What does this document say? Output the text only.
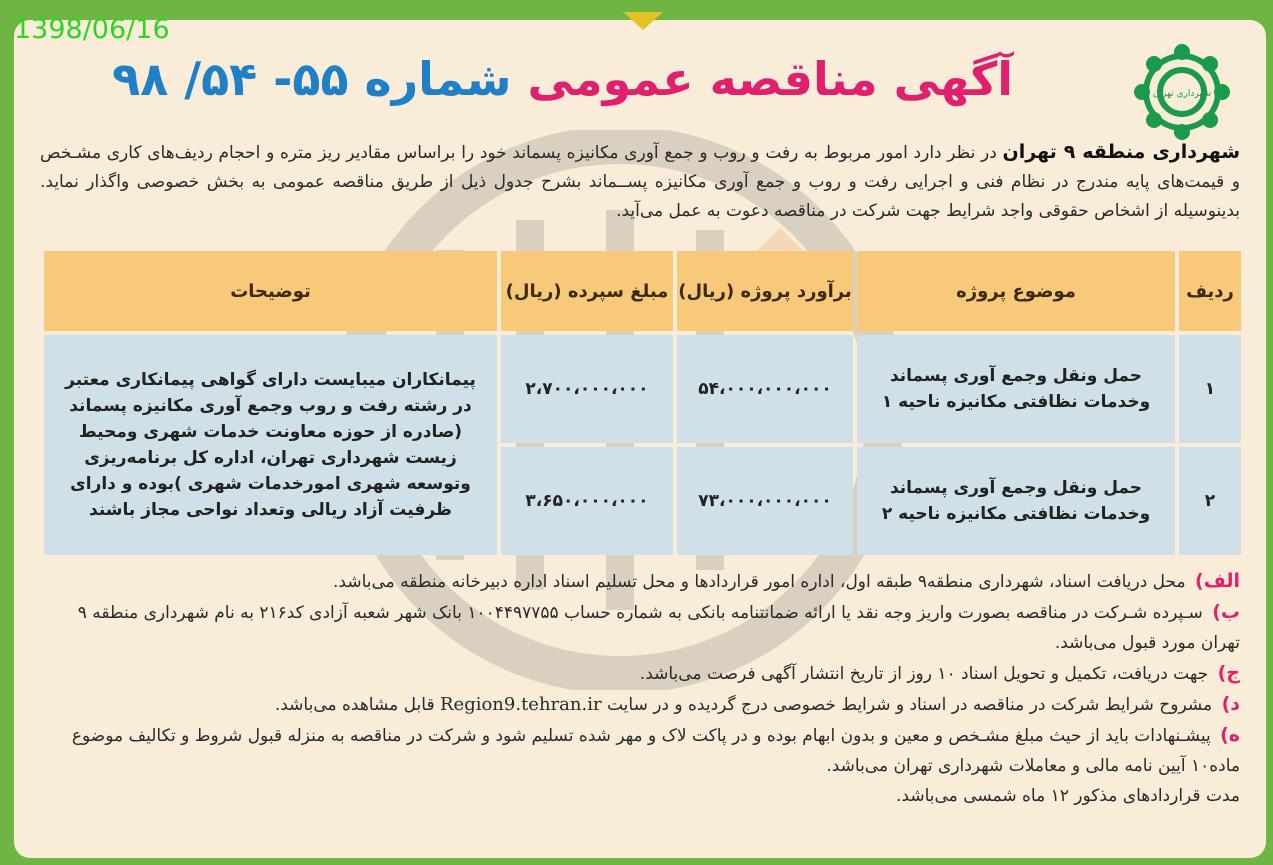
1398/06/16
شهرداری تهران
آگهی مناقصه عمومی شماره ۵۵- ۵۴/ ۹۸
شهرداری منطقه ۹ تهران در نظر دارد امور مربوط به رفت و روب و جمع آوری مکانیزه پسماند خود را براساس مقادیر ریز متره و احجام ردیف‌های کاری مشـخص و قیمت‌های پایه مندرج در نظام فنی و اجرایی رفت و روب و جمع آوری مکانیزه پســماند بشرح جدول ذیل از طریق مناقصه عمومی به بخش خصوصی واگذار نماید. بدینوسیله از اشخاص حقوقی واجد شرایط جهت شرکت در مناقصه دعوت به عمل می‌آید.
ردیف	موضوع پروژه	برآورد پروژه (ریال)	مبلغ سپرده (ریال)	توضیحات
۱	حمل ونقل وجمع آوری پسماند وخدمات نظافتی مکانیزه ناحیه ۱	۵۴،۰۰۰،۰۰۰،۰۰۰	۲،۷۰۰،۰۰۰،۰۰۰	پیمانکاران میبایست دارای گواهی پیمانکاری معتبر در رشته رفت و روب وجمع آوری مکانیزه پسماند (صادره از حوزه معاونت خدمات شهری ومحیط زیست شهرداری تهران، اداره کل برنامه‌ریزی وتوسعه شهری امورخدمات شهری )بوده و دارای ظرفیت آزاد ریالی وتعداد نواحی مجاز باشند
۲	حمل ونقل وجمع آوری پسماند وخدمات نظافتی مکانیزه ناحیه ۲	۷۳،۰۰۰،۰۰۰،۰۰۰	۳،۶۵۰،۰۰۰،۰۰۰	
الف) محل دریافت اسناد، شهرداری منطقه۹ طبقه اول، اداره امور قراردادها و محل تسلیم اسناد اداره دبیرخانه منطقه می‌باشد.
ب) سـپرده شـرکت در مناقصه بصورت واریز وجه نقد یا ارائه ضمانتنامه بانکی به شماره حساب ۱۰۰۴۴۹۷۷۵۵ بانک شهر شعبه آزادی کد۲۱۶ به نام شهرداری منطقه ۹ تهران مورد قبول می‌باشد.
ج) جهت دریافت، تکمیل و تحویل اسناد ۱۰ روز از تاریخ انتشار آگهی فرصت می‌باشد.
د) مشروح شرایط شرکت در مناقصه در اسناد و شرایط خصوصی درج گردیده و در سایت Region9.tehran.ir قابل مشاهده می‌باشد.
ه) پیشـنهادات باید از حیث مبلغ مشـخص و معین و بدون ابهام بوده و در پاکت لاک و مهر شده تسلیم شود و شرکت در مناقصه به منزله قبول شروط و تکالیف موضوع ماده۱۰ آیین نامه مالی و معاملات شهرداری تهران می‌باشد.
مدت قراردادهای مذکور ۱۲ ماه شمسی می‌باشد.
